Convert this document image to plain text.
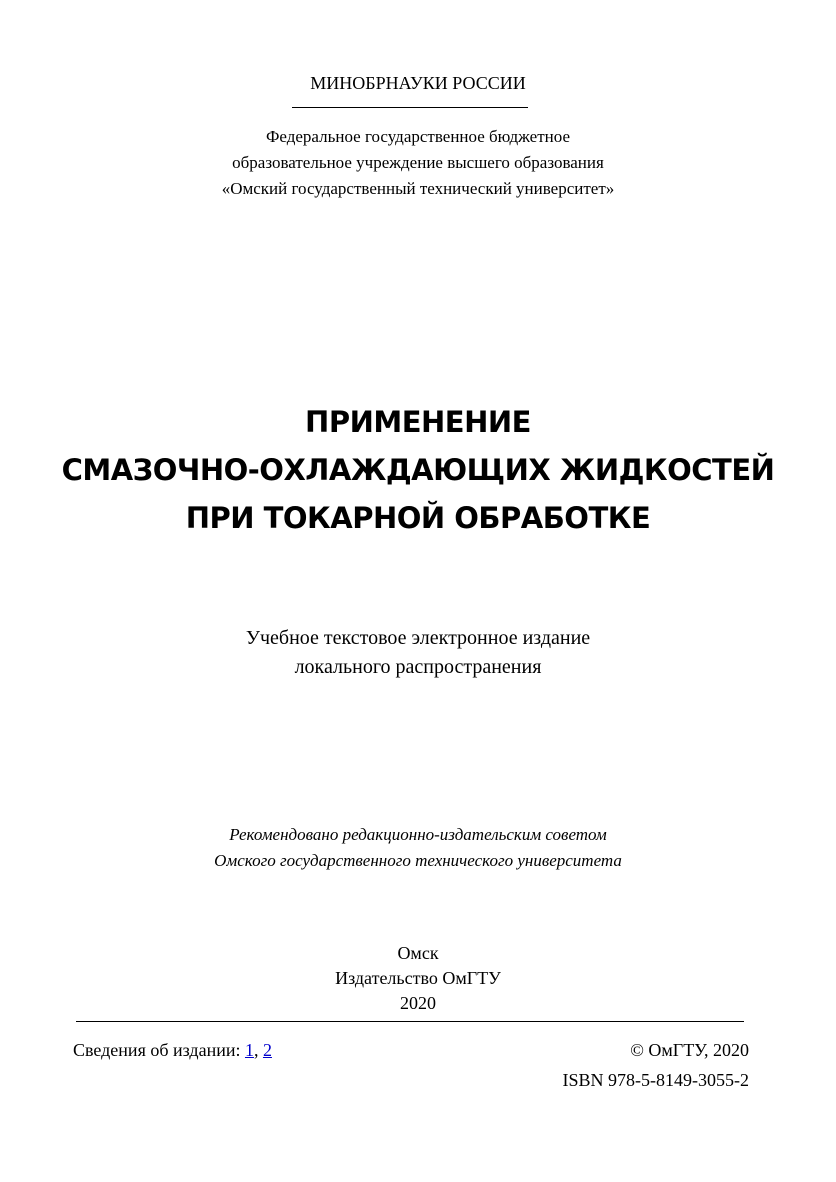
МИНОБРНАУКИ РОССИИ
Федеральное государственное бюджетное
образовательное учреждение высшего образования
«Омский государственный технический университет»
ПРИМЕНЕНИЕ
СМАЗОЧНО-ОХЛАЖДАЮЩИХ ЖИДКОСТЕЙ
ПРИ ТОКАРНОЙ ОБРАБОТКЕ
Учебное текстовое электронное издание
локального распространения
Рекомендовано редакционно-издательским советом
Омского государственного технического университета
Омск
Издательство ОмГТУ
2020
Сведения об издании: 1, 2	© ОмГТУ, 2020
ISBN 978-5-8149-3055-2
